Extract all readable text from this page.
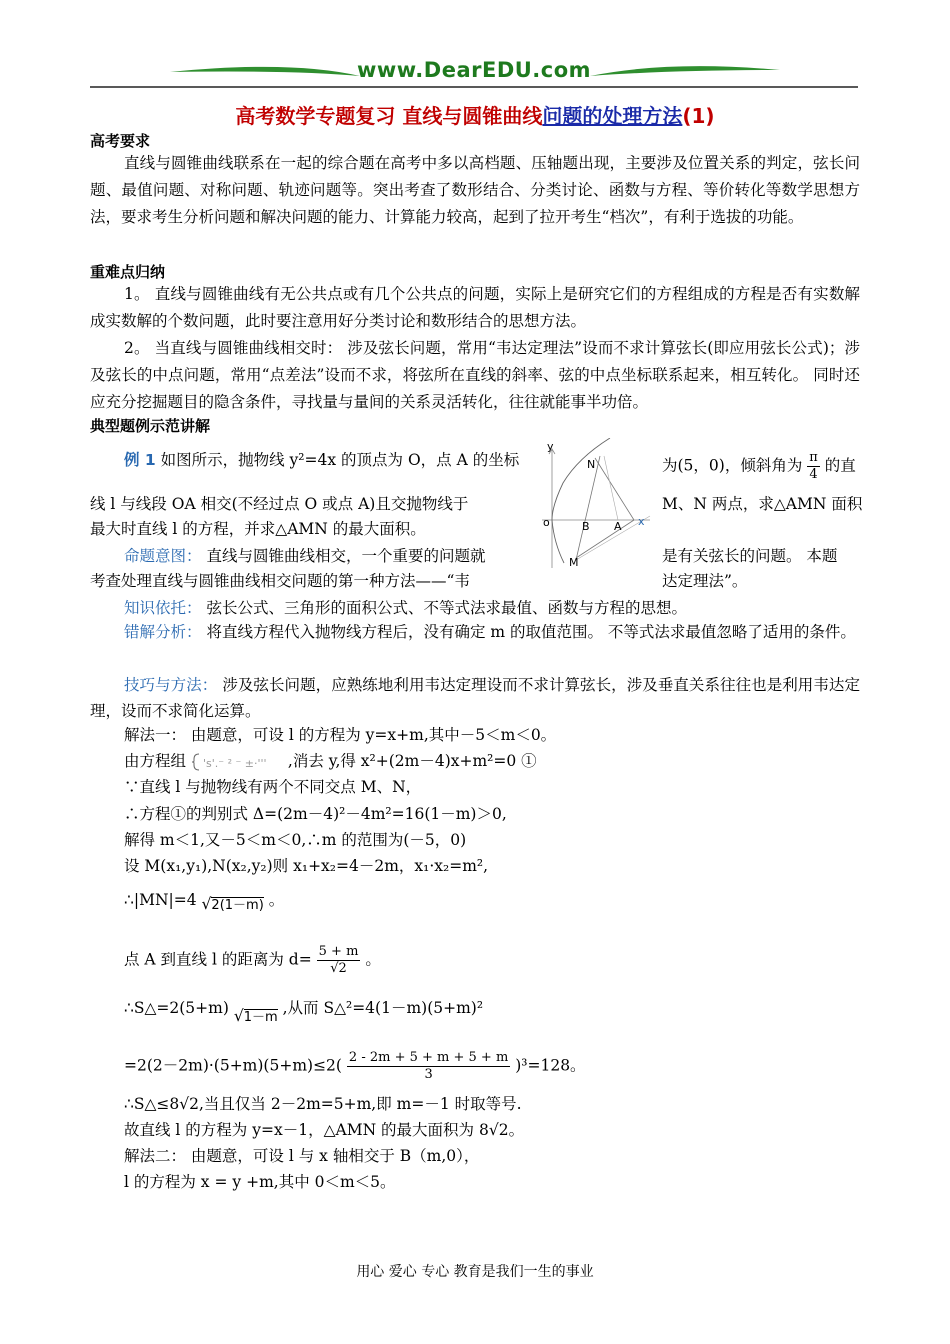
www.DearEDU.com
高考数学专题复习 直线与圆锥曲线问题的处理方法(1)
高考要求

直线与圆锥曲线联系在一起的综合题在高考中多以高档题、压轴题出现，主要涉及位置关系的判定，弦长问题、最值问题、对称问题、轨迹问题等。突出考查了数形结合、分类讨论、函数与方程、等价转化等数学思想方法，要求考生分析问题和解决问题的能力、计算能力较高，起到了拉开考生“档次”，有利于选拔的功能。

重难点归纳

1。 直线与圆锥曲线有无公共点或有几个公共点的问题，实际上是研究它们的方程组成的方程是否有实数解成实数解的个数问题，此时要注意用好分类讨论和数形结合的思想方法。

2。 当直线与圆锥曲线相交时： 涉及弦长问题，常用“韦达定理法”设而不求计算弦长(即应用弦长公式)；涉及弦长的中点问题，常用“点差法”设而不求，将弦所在直线的斜率、弦的中点坐标联系起来，相互转化。 同时还应充分挖掘题目的隐含条件，寻找量与量间的关系灵活转化，往往就能事半功倍。

典型题例示范讲解
例 1 如图所示，抛物线 y²=4x 的顶点为 O，点 A 的坐标	为(5，0)，倾斜角为 $\frac{\pi}{4}$ 的直
线 l 与线段 OA 相交(不经过点 O 或点 A)且交抛物线于	M、N 两点，求△AMN 面积
最大时直线 l 的方程，并求△AMN 的最大面积。
y
x
o
N
M
B A
命题意图： 直线与圆锥曲线相交，一个重要的问题就	是有关弦长的问题。 本题
考查处理直线与圆锥曲线相交问题的第一种方法——“韦	达定理法”。
知识依托： 弦长公式、三角形的面积公式、不等式法求最值、函数与方程的思想。

错解分析： 将直线方程代入抛物线方程后，没有确定 m 的取值范围。 不等式法求最值忽略了适用的条件。

技巧与方法： 涉及弦长问题，应熟练地利用韦达定理设而不求计算弦长，涉及垂直关系往往也是利用韦达定理，设而不求简化运算。

解法一： 由题意，可设 l 的方程为 y=x+m,其中－5＜m＜0。
由方程组 's'.⁻ ² ⁻ ±·''' ,消去 y,得 x²+(2m－4)x+m²=0 ①
∵直线 l 与抛物线有两个不同交点 M、N，
∴方程①的判别式 Δ=(2m－4)²－4m²=16(1－m)＞0,
解得 m＜1,又－5＜m＜0,∴m 的范围为(－5，0)
设 M(x₁,y₁),N(x₂,y₂)则 x₁+x₂=4－2m，x₁·x₂=m²,
∴|MN|=4 √2(1－m) 。
点 A 到直线 l 的距离为 $d= \frac{5 + m}{√2}$ 。
∴S△=2(5+m) √1－m ,从而 S△²=4(1－m)(5+m)²
$=2(2-2m)\cdot(5+m)(5+m)\le 2( \frac{2 - 2m + 5 + m + 5 + m}{3} )^3=128$。
∴S△≤8√2,当且仅当 2－2m=5+m,即 m=－1 时取等号.
故直线 l 的方程为 y=x－1，△AMN 的最大面积为 8√2。
解法二： 由题意，可设 l 与 x 轴相交于 B（m,0），
l 的方程为 x = y +m,其中 0＜m＜5。
用心 爱心 专心 教育是我们一生的事业
